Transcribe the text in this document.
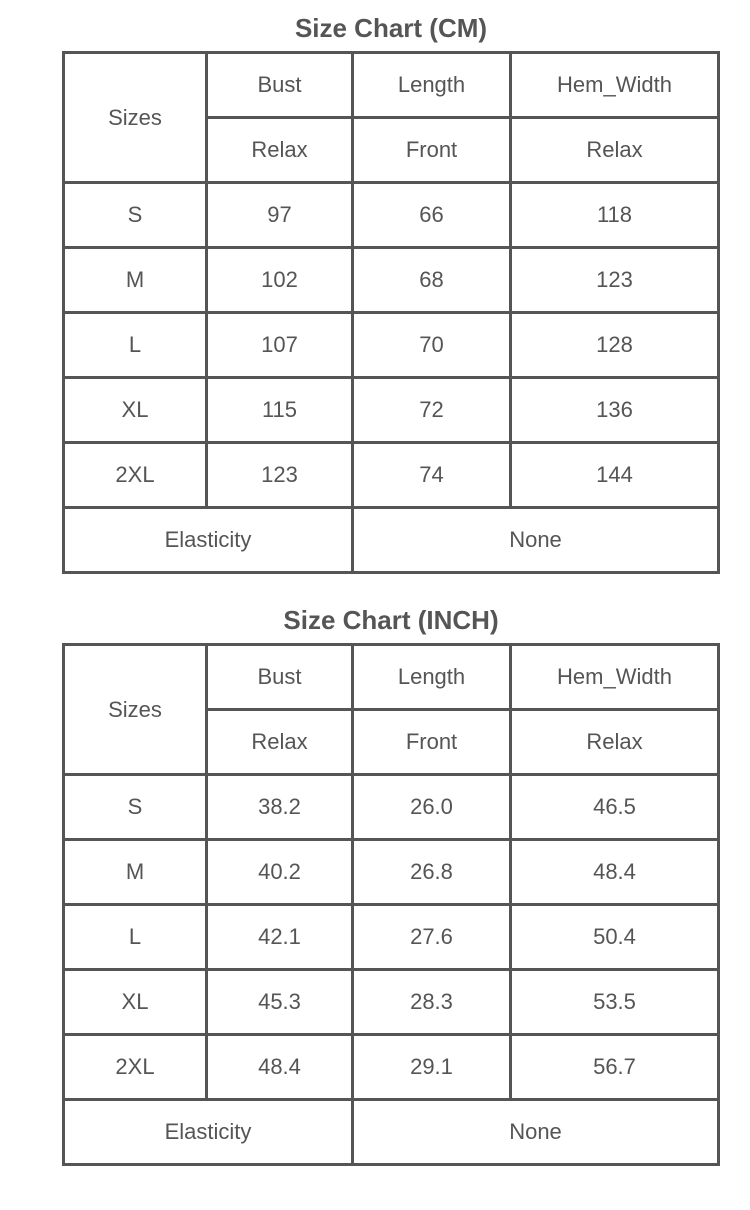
Size Chart (CM)
Sizes	Bust	Length	Hem_Width
	Relax	Front	Relax
S	97	66	118
M	102	68	123
L	107	70	128
XL	115	72	136
2XL	123	74	144
Elasticity		None	
Size Chart (INCH)
Sizes	Bust	Length	Hem_Width
	Relax	Front	Relax
S	38.2	26.0	46.5
M	40.2	26.8	48.4
L	42.1	27.6	50.4
XL	45.3	28.3	53.5
2XL	48.4	29.1	56.7
Elasticity		None	
